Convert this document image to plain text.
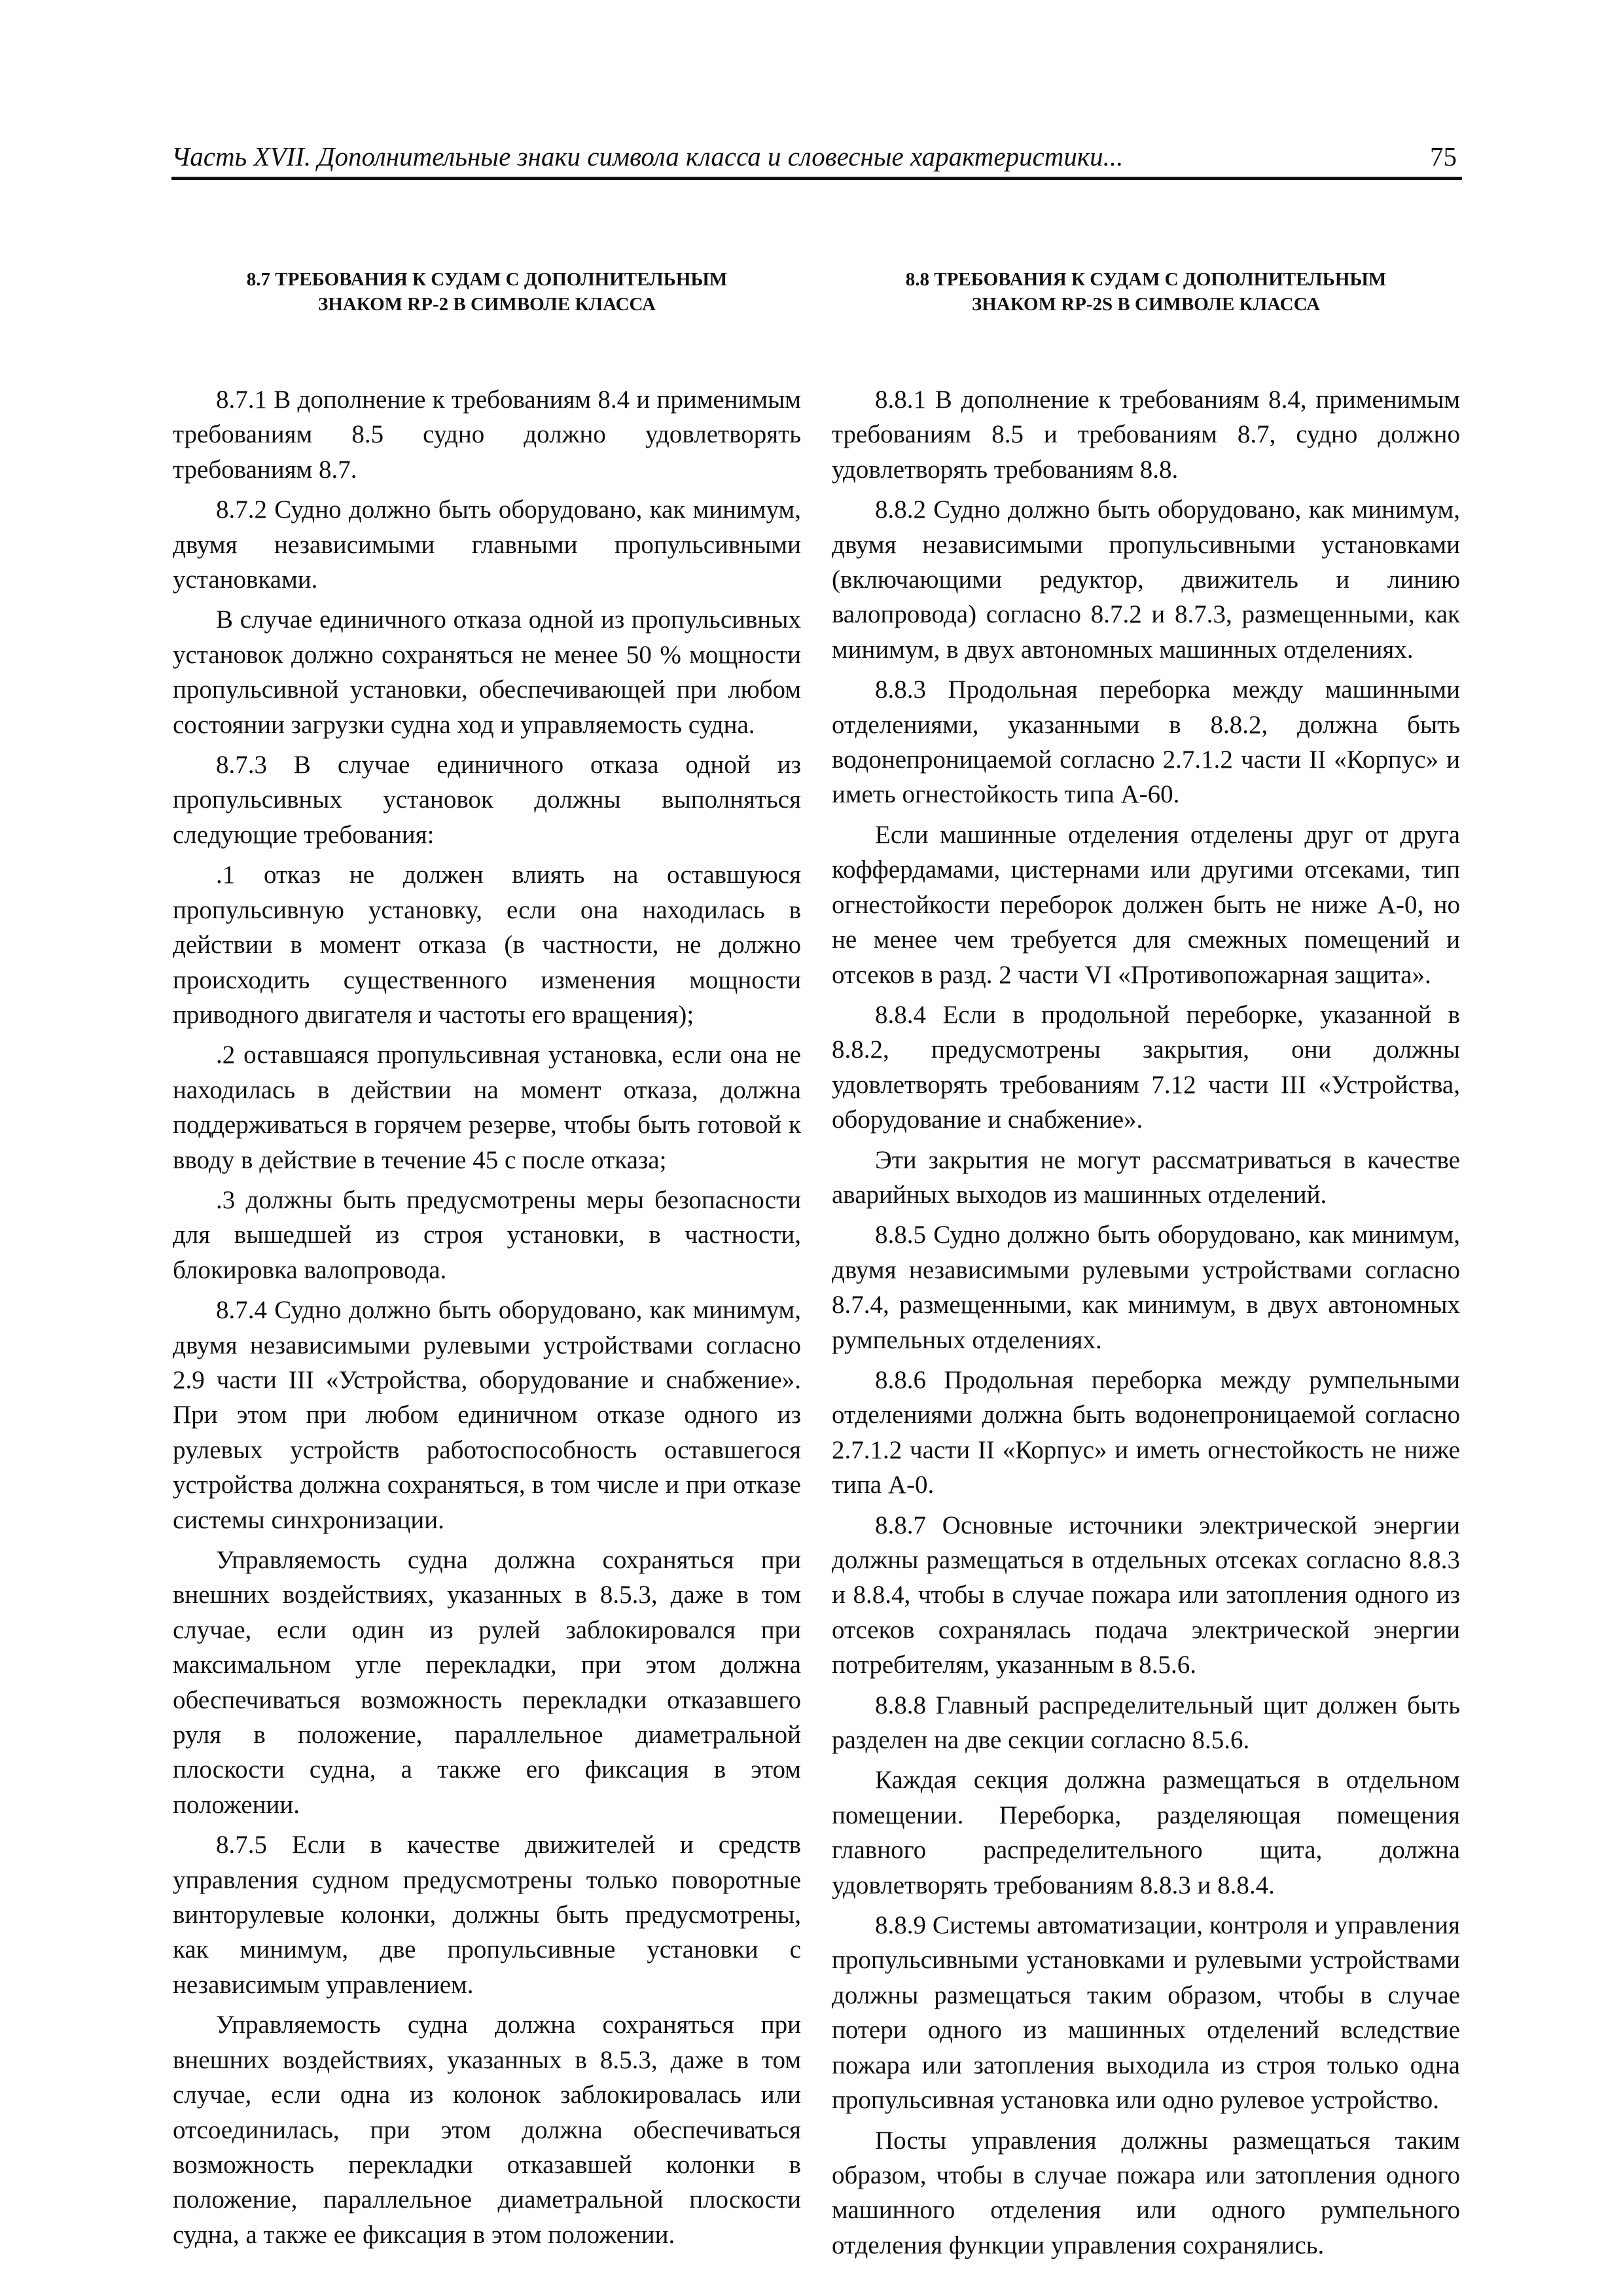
Часть XVII. Дополнительные знаки символа класса и словесные характеристики...	75
8.7 ТРЕБОВАНИЯ К СУДАМ С ДОПОЛНИТЕЛЬНЫМ
ЗНАКОМ RP-2 В СИМВОЛЕ КЛАССА

8.7.1 В дополнение к требованиям 8.4 и применимым требованиям 8.5 судно должно удовлетворять требованиям 8.7.

8.7.2 Судно должно быть оборудовано, как минимум, двумя независимыми главными пропульсивными установками.

В случае единичного отказа одной из пропульсивных установок должно сохраняться не менее 50 % мощности пропульсивной установки, обеспечивающей при любом состоянии загрузки судна ход и управляемость судна.

8.7.3 В случае единичного отказа одной из пропульсивных установок должны выполняться следующие требования:

.1 отказ не должен влиять на оставшуюся пропульсивную установку, если она находилась в действии в момент отказа (в частности, не должно происходить существенного изменения мощности приводного двигателя и частоты его вращения);

.2 оставшаяся пропульсивная установка, если она не находилась в действии на момент отказа, должна поддерживаться в горячем резерве, чтобы быть готовой к вводу в действие в течение 45 с после отказа;

.3 должны быть предусмотрены меры безопасности для вышедшей из строя установки, в частности, блокировка валопровода.

8.7.4 Судно должно быть оборудовано, как минимум, двумя независимыми рулевыми устройствами согласно 2.9 части III «Устройства, оборудование и снабжение». При этом при любом единичном отказе одного из рулевых устройств работоспособность оставшегося устройства должна сохраняться, в том числе и при отказе системы синхронизации.

Управляемость судна должна сохраняться при внешних воздействиях, указанных в 8.5.3, даже в том случае, если один из рулей заблокировался при максимальном угле перекладки, при этом должна обеспечиваться возможность перекладки отказавшего руля в положение, параллельное диаметральной плоскости судна, а также его фиксация в этом положении.

8.7.5 Если в качестве движителей и средств управления судном предусмотрены только поворотные винторулевые колонки, должны быть предусмотрены, как минимум, две пропульсивные установки с независимым управлением.

Управляемость судна должна сохраняться при внешних воздействиях, указанных в 8.5.3, даже в том случае, если одна из колонок заблокировалась или отсоединилась, при этом должна обеспечиваться возможность перекладки отказавшей колонки в положение, параллельное диаметральной плоскости судна, а также ее фиксация в этом положении.

8.8 ТРЕБОВАНИЯ К СУДАМ С ДОПОЛНИТЕЛЬНЫМ
ЗНАКОМ RP-2S В СИМВОЛЕ КЛАССА

8.8.1 В дополнение к требованиям 8.4, применимым требованиям 8.5 и требованиям 8.7, судно должно удовлетворять требованиям 8.8.

8.8.2 Судно должно быть оборудовано, как минимум, двумя независимыми пропульсивными установками (включающими редуктор, движитель и линию валопровода) согласно 8.7.2 и 8.7.3, размещенными, как минимум, в двух автономных машинных отделениях.

8.8.3 Продольная переборка между машинными отделениями, указанными в 8.8.2, должна быть водонепроницаемой согласно 2.7.1.2 части II «Корпус» и иметь огнестойкость типа А-60.

Если машинные отделения отделены друг от друга коффердамами, цистернами или другими отсеками, тип огнестойкости переборок должен быть не ниже А-0, но не менее чем требуется для смежных помещений и отсеков в разд. 2 части VI «Противопожарная защита».

8.8.4 Если в продольной переборке, указанной в 8.8.2, предусмотрены закрытия, они должны удовлетворять требованиям 7.12 части III «Устройства, оборудование и снабжение».

Эти закрытия не могут рассматриваться в качестве аварийных выходов из машинных отделений.

8.8.5 Судно должно быть оборудовано, как минимум, двумя независимыми рулевыми устройствами согласно 8.7.4, размещенными, как минимум, в двух автономных румпельных отделениях.

8.8.6 Продольная переборка между румпельными отделениями должна быть водонепроницаемой согласно 2.7.1.2 части II «Корпус» и иметь огнестойкость не ниже типа А-0.

8.8.7 Основные источники электрической энергии должны размещаться в отдельных отсеках согласно 8.8.3 и 8.8.4, чтобы в случае пожара или затопления одного из отсеков сохранялась подача электрической энергии потребителям, указанным в 8.5.6.

8.8.8 Главный распределительный щит должен быть разделен на две секции согласно 8.5.6.

Каждая секция должна размещаться в отдельном помещении. Переборка, разделяющая помещения главного распределительного щита, должна удовлетворять требованиям 8.8.3 и 8.8.4.

8.8.9 Системы автоматизации, контроля и управления пропульсивными установками и рулевыми устройствами должны размещаться таким образом, чтобы в случае потери одного из машинных отделений вследствие пожара или затопления выходила из строя только одна пропульсивная установка или одно рулевое устройство.

Посты управления должны размещаться таким образом, чтобы в случае пожара или затопления одного машинного отделения или одного румпельного отделения функции управления сохранялись.
